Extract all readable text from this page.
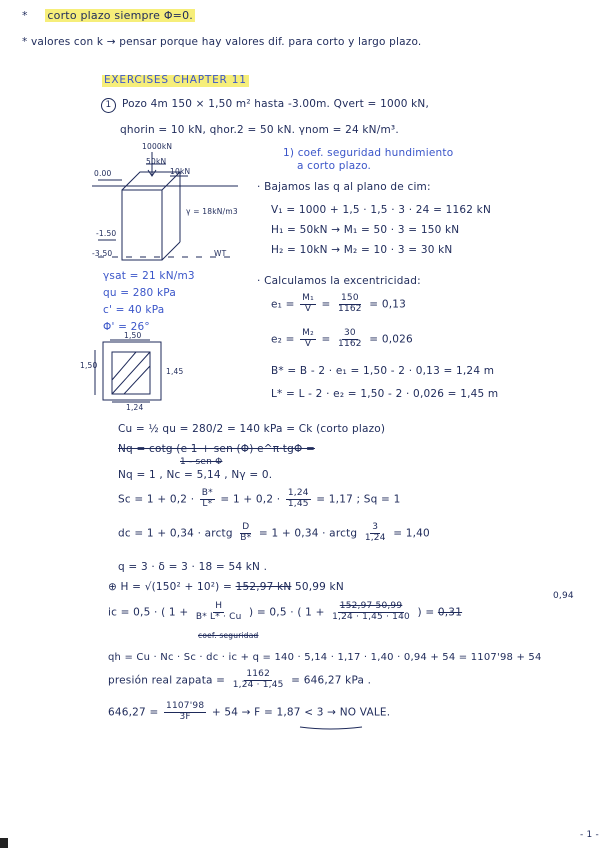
* corto plazo siempre Φ=0.
* valores con k → pensar porque hay valores dif. para corto y largo plazo.
EXERCISES CHAPTER 11
1 Pozo 4m 150 × 1,50 m² hasta -3.00m. Qvert = 1000 kN,
qhorin = 10 kN, qhor.2 = 50 kN. γnom = 24 kN/m³.
1000kN
50kN
10kN
0.00
γ = 18kN/m3
-1.50
-3.50	WT
γsat = 21 kN/m3
qu = 280 kPa
c' = 40 kPa
Φ' = 26°
1,50
1,50
1,45
1,24
1) coef. seguridad hundimiento
a corto plazo.
· Bajamos las q al plano de cim:
V₁ = 1000 + 1,5 · 1,5 · 3 · 24 = 1162 kN
H₁ = 50kN → M₁ = 50 · 3 = 150 kN
H₂ = 10kN → M₂ = 10 · 3 = 30 kN
· Calculamos la excentricidad:
$e_1 = \frac{\text{M₁}}{V} = \frac{150}{1162} = 0,13$
$e_2 = \frac{\text{M₂}}{V} = \frac{30}{1162} = 0,026$
B* = B - 2 · e₁ = 1,50 - 2 · 0,13 = 1,24 m
L* = L - 2 · e₂ = 1,50 - 2 · 0,026 = 1,45 m
Cu = ½ qu = 280/2 = 140 kPa = Ck (corto plazo)
Nq = cotg (e 1 + sen (Φ) e^π·tgΦ =
1 - sen Φ
Nq = 1 , Nc = 5,14 , Nγ = 0.
$Sc = 1 + 0,2 \cdot \frac{B*}{L*} = 1 + 0,2 \cdot \frac{1,24}{1,45} = 1,17$ ; Sq = 1
dc = 1 + 0,34 · arctg $\frac{D}{B*} = 1 + 0,34$ · arctg $\frac{3}{1,24} = 1,40$
q = 3 · δ = 3 · 18 = 54 kN .
⊕ H = √(150² + 10²) = 152,97 kN 50,99 kN
ic = 0,5 · ( $1 + \frac{H}{B* L* \cdot Cu}$ ) = 0,5 · ( $1 + \frac{152,97 50,99}{1,24 \cdot 1,45 \cdot 140}$ ) = 0,31
0,94
coef. seguridad
qh = Cu · Nc · Sc · dc · ic + q = 140 · 5,14 · 1,17 · 1,40 · 0,94 + 54 = 1107'98 + 54
presión real zapata = $\frac{1162}{1,24 \cdot 1,45} = 646,27$ kPa .
$646,27 = \frac{1107'98}{3F} + 54 \to F = 1,87 < 3$ → NO VALE.
- 1 -
